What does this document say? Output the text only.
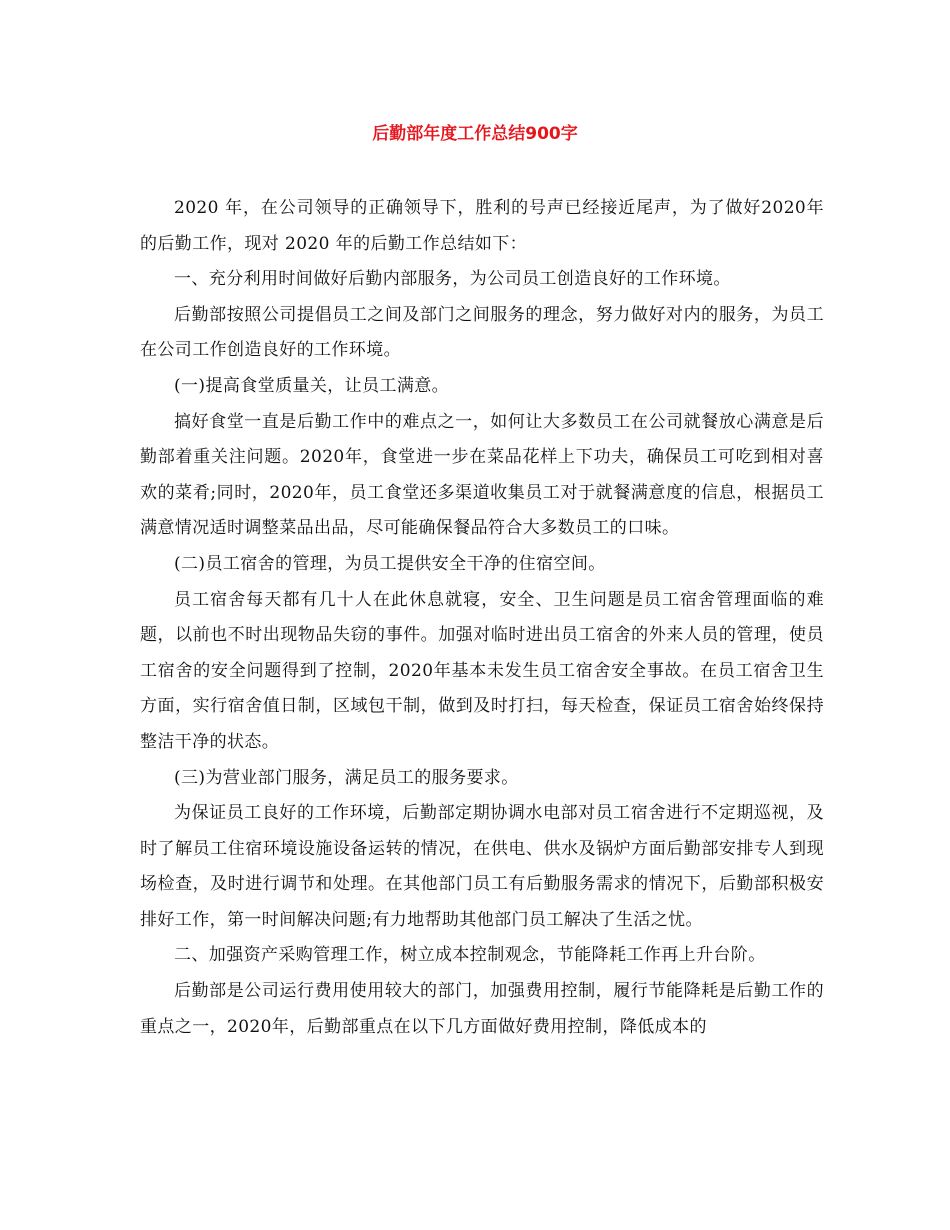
后勤部年度工作总结900字

2020 年，在公司领导的正确领导下，胜利的号声已经接近尾声，为了做好2020年的后勤工作，现对 2020 年的后勤工作总结如下：

一、充分利用时间做好后勤内部服务，为公司员工创造良好的工作环境。

后勤部按照公司提倡员工之间及部门之间服务的理念，努力做好对内的服务，为员工在公司工作创造良好的工作环境。

(一)提高食堂质量关，让员工满意。

搞好食堂一直是后勤工作中的难点之一，如何让大多数员工在公司就餐放心满意是后勤部着重关注问题。2020年，食堂进一步在菜品花样上下功夫，确保员工可吃到相对喜欢的菜肴;同时，2020年，员工食堂还多渠道收集员工对于就餐满意度的信息，根据员工满意情况适时调整菜品出品，尽可能确保餐品符合大多数员工的口味。

(二)员工宿舍的管理，为员工提供安全干净的住宿空间。

员工宿舍每天都有几十人在此休息就寝，安全、卫生问题是员工宿舍管理面临的难题，以前也不时出现物品失窃的事件。加强对临时进出员工宿舍的外来人员的管理，使员工宿舍的安全问题得到了控制，2020年基本未发生员工宿舍安全事故。在员工宿舍卫生方面，实行宿舍值日制，区域包干制，做到及时打扫，每天检查，保证员工宿舍始终保持整洁干净的状态。

(三)为营业部门服务，满足员工的服务要求。

为保证员工良好的工作环境，后勤部定期协调水电部对员工宿舍进行不定期巡视，及时了解员工住宿环境设施设备运转的情况，在供电、供水及锅炉方面后勤部安排专人到现场检查，及时进行调节和处理。在其他部门员工有后勤服务需求的情况下，后勤部积极安排好工作，第一时间解决问题;有力地帮助其他部门员工解决了生活之忧。

二、加强资产采购管理工作，树立成本控制观念，节能降耗工作再上升台阶。

后勤部是公司运行费用使用较大的部门，加强费用控制，履行节能降耗是后勤工作的重点之一，2020年，后勤部重点在以下几方面做好费用控制，降低成本的
